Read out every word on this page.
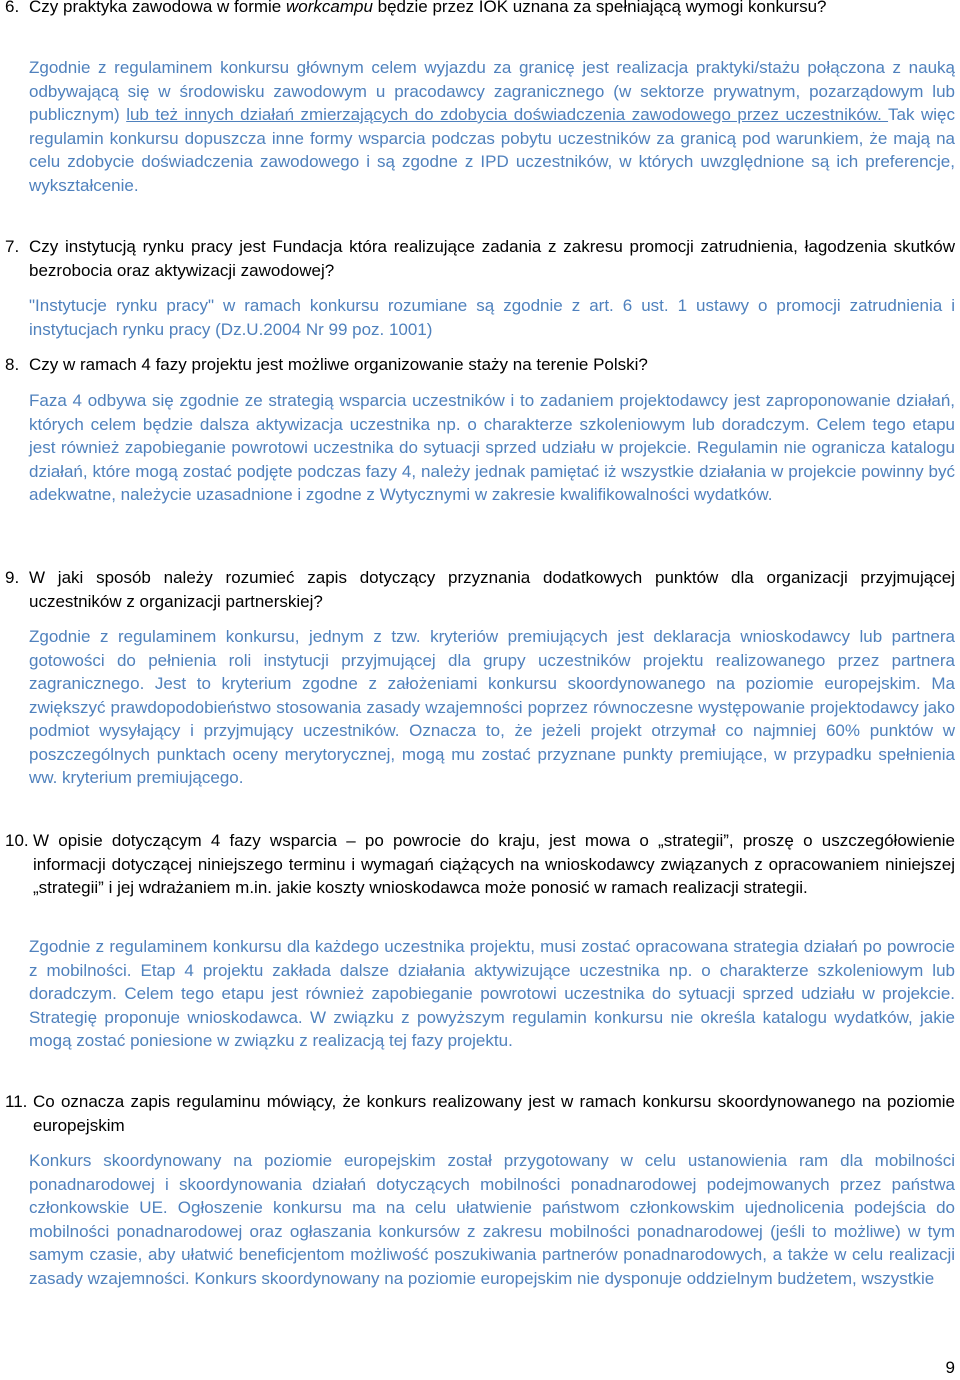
6. Czy praktyka zawodowa w formie workcampu będzie przez IOK uznana za spełniającą wymogi konkursu?
Zgodnie z regulaminem konkursu głównym celem wyjazdu za granicę jest realizacja praktyki/stażu połączona z nauką odbywającą się w środowisku zawodowym u pracodawcy zagranicznego (w sektorze prywatnym, pozarządowym lub publicznym) lub też innych działań zmierzających do zdobycia doświadczenia zawodowego przez uczestników. Tak więc regulamin konkursu dopuszcza inne formy wsparcia podczas pobytu uczestników za granicą pod warunkiem, że mają na celu zdobycie doświadczenia zawodowego i są zgodne z IPD uczestników, w których uwzględnione są ich preferencje, wykształcenie.
7. Czy instytucją rynku pracy jest Fundacja która realizujące zadania z zakresu promocji zatrudnienia, łagodzenia skutków bezrobocia oraz aktywizacji zawodowej?
"Instytucje rynku pracy" w ramach konkursu rozumiane są zgodnie z art. 6 ust. 1 ustawy o promocji zatrudnienia i instytucjach rynku pracy (Dz.U.2004 Nr 99 poz. 1001)
8. Czy w ramach 4 fazy projektu jest możliwe organizowanie staży na terenie Polski?
Faza 4 odbywa się zgodnie ze strategią wsparcia uczestników i to zadaniem projektodawcy jest zaproponowanie działań, których celem będzie dalsza aktywizacja uczestnika np. o charakterze szkoleniowym lub doradczym. Celem tego etapu jest również zapobieganie powrotowi uczestnika do sytuacji sprzed udziału w projekcie. Regulamin nie ogranicza katalogu działań, które mogą zostać podjęte podczas fazy 4, należy jednak pamiętać iż wszystkie działania w projekcie powinny być adekwatne, należycie uzasadnione i zgodne z Wytycznymi w zakresie kwalifikowalności wydatków.
9. W jaki sposób należy rozumieć zapis dotyczący przyznania dodatkowych punktów dla organizacji przyjmującej uczestników z organizacji partnerskiej?
Zgodnie z regulaminem konkursu, jednym z tzw. kryteriów premiujących jest deklaracja wnioskodawcy lub partnera gotowości do pełnienia roli instytucji przyjmującej dla grupy uczestników projektu realizowanego przez partnera zagranicznego. Jest to kryterium zgodne z założeniami konkursu skoordynowanego na poziomie europejskim. Ma zwiększyć prawdopodobieństwo stosowania zasady wzajemności poprzez równoczesne występowanie projektodawcy jako podmiot wysyłający i przyjmujący uczestników. Oznacza to, że jeżeli projekt otrzymał co najmniej 60% punktów w poszczególnych punktach oceny merytorycznej, mogą mu zostać przyznane punkty premiujące, w przypadku spełnienia ww. kryterium premiującego.
10. W opisie dotyczącym 4 fazy wsparcia – po powrocie do kraju, jest mowa o „strategii”, proszę o uszczegółowienie informacji dotyczącej niniejszego terminu i wymagań ciążących na wnioskodawcy związanych z opracowaniem niniejszej „strategii” i jej wdrażaniem m.in. jakie koszty wnioskodawca może ponosić w ramach realizacji strategii.
Zgodnie z regulaminem konkursu dla każdego uczestnika projektu, musi zostać opracowana strategia działań po powrocie z mobilności. Etap 4 projektu zakłada dalsze działania aktywizujące uczestnika np. o charakterze szkoleniowym lub doradczym. Celem tego etapu jest również zapobieganie powrotowi uczestnika do sytuacji sprzed udziału w projekcie. Strategię proponuje wnioskodawca. W związku z powyższym regulamin konkursu nie określa katalogu wydatków, jakie mogą zostać poniesione w związku z realizacją tej fazy projektu.
11. Co oznacza zapis regulaminu mówiący, że konkurs realizowany jest w ramach konkursu skoordynowanego na poziomie europejskim
Konkurs skoordynowany na poziomie europejskim został przygotowany w celu ustanowienia ram dla mobilności ponadnarodowej i skoordynowania działań dotyczących mobilności ponadnarodowej podejmowanych przez państwa członkowskie UE. Ogłoszenie konkursu ma na celu ułatwienie państwom członkowskim ujednolicenia podejścia do mobilności ponadnarodowej oraz ogłaszania konkursów z zakresu mobilności ponadnarodowej (jeśli to możliwe) w tym samym czasie, aby ułatwić beneficjentom możliwość poszukiwania partnerów ponadnarodowych, a także w celu realizacji zasady wzajemności. Konkurs skoordynowany na poziomie europejskim nie dysponuje oddzielnym budżetem, wszystkie
9
